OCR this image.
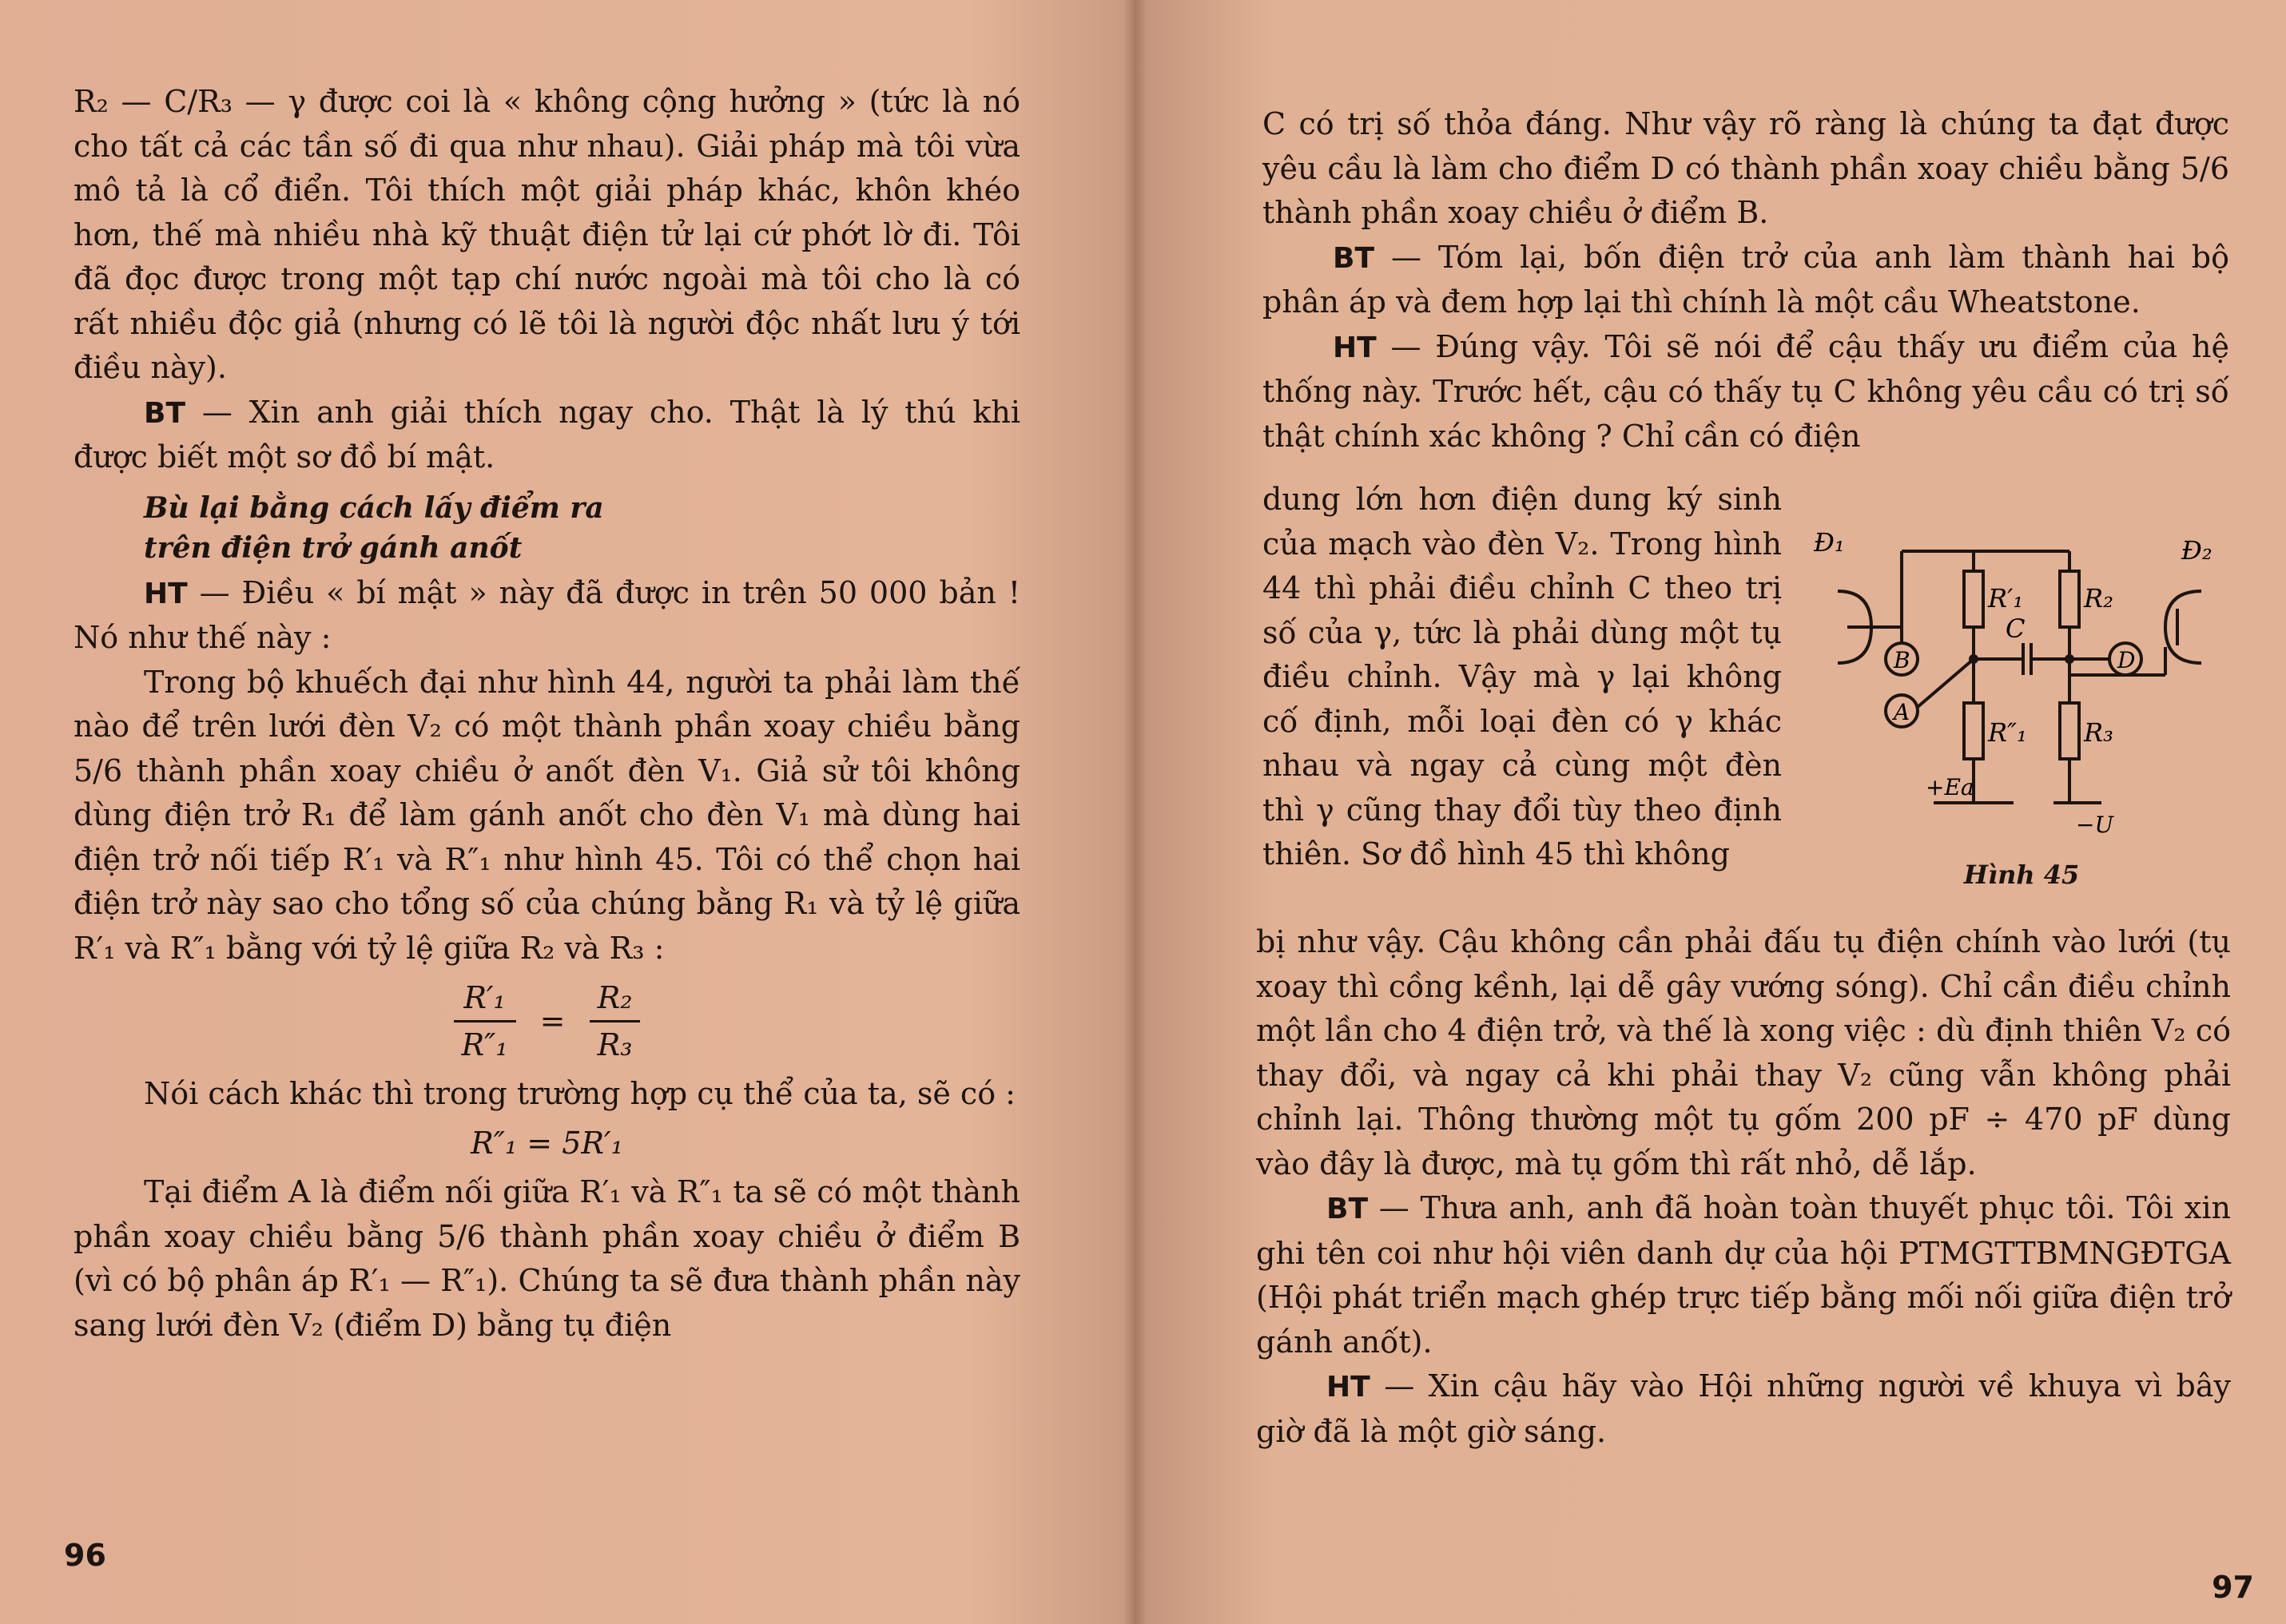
R₂ — C/R₃ — γ được coi là « không cộng hưởng » (tức là nó cho tất cả các tần số đi qua như nhau). Giải pháp mà tôi vừa mô tả là cổ điển. Tôi thích một giải pháp khác, khôn khéo hơn, thế mà nhiều nhà kỹ thuật điện tử lại cứ phớt lờ đi. Tôi đã đọc được trong một tạp chí nước ngoài mà tôi cho là có rất nhiều độc giả (nhưng có lẽ tôi là người độc nhất lưu ý tới điều này).

BT — Xin anh giải thích ngay cho. Thật là lý thú khi được biết một sơ đồ bí mật.

Bù lại bằng cách lấy điểm ra
trên điện trở gánh anốt

HT — Điều « bí mật » này đã được in trên 50 000 bản ! Nó như thế này :

Trong bộ khuếch đại như hình 44, người ta phải làm thế nào để trên lưới đèn V₂ có một thành phần xoay chiều bằng 5/6 thành phần xoay chiều ở anốt đèn V₁. Giả sử tôi không dùng điện trở R₁ để làm gánh anốt cho đèn V₁ mà dùng hai điện trở nối tiếp R′₁ và R″₁ như hình 45. Tôi có thể chọn hai điện trở này sao cho tổng số của chúng bằng R₁ và tỷ lệ giữa R′₁ và R″₁ bằng với tỷ lệ giữa R₂ và R₃ :

$\frac{\text{R′₁}}{\text{R″₁}} = \frac{\text{R₂}}{\text{R₃}}$

Nói cách khác thì trong trường hợp cụ thể của ta, sẽ có :

R″₁ = 5R′₁

Tại điểm A là điểm nối giữa R′₁ và R″₁ ta sẽ có một thành phần xoay chiều bằng 5/6 thành phần xoay chiều ở điểm B (vì có bộ phân áp R′₁ — R″₁). Chúng ta sẽ đưa thành phần này sang lưới đèn V₂ (điểm D) bằng tụ điện

96

C có trị số thỏa đáng. Như vậy rõ ràng là chúng ta đạt được yêu cầu là làm cho điểm D có thành phần xoay chiều bằng 5/6 thành phần xoay chiều ở điểm B.

BT — Tóm lại, bốn điện trở của anh làm thành hai bộ phân áp và đem hợp lại thì chính là một cầu Wheatstone.

HT — Đúng vậy. Tôi sẽ nói để cậu thấy ưu điểm của hệ thống này. Trước hết, cậu có thấy tụ C không yêu cầu có trị số thật chính xác không ? Chỉ cần có điện

dung lớn hơn điện dung ký sinh của mạch vào đèn V₂. Trong hình 44 thì phải điều chỉnh C theo trị số của γ, tức là phải dùng một tụ điều chỉnh. Vậy mà γ lại không cố định, mỗi loại đèn có γ khác nhau và ngay cả cùng một đèn thì γ cũng thay đổi tùy theo định thiên. Sơ đồ hình 45 thì không

Đ₁	Đ₂
R′₁
R″₁
R₂
R₃
C
B
A
D
+Ea
−U
Hình 45

bị như vậy. Cậu không cần phải đấu tụ điện chính vào lưới (tụ xoay thì cồng kềnh, lại dễ gây vướng sóng). Chỉ cần điều chỉnh một lần cho 4 điện trở, và thế là xong việc : dù định thiên V₂ có thay đổi, và ngay cả khi phải thay V₂ cũng vẫn không phải chỉnh lại. Thông thường một tụ gốm 200 pF ÷ 470 pF dùng vào đây là được, mà tụ gốm thì rất nhỏ, dễ lắp.

BT — Thưa anh, anh đã hoàn toàn thuyết phục tôi. Tôi xin ghi tên coi như hội viên danh dự của hội PTMGTTBMNGĐTGA (Hội phát triển mạch ghép trực tiếp bằng mối nối giữa điện trở gánh anốt).

HT — Xin cậu hãy vào Hội những người về khuya vì bây giờ đã là một giờ sáng.

97
